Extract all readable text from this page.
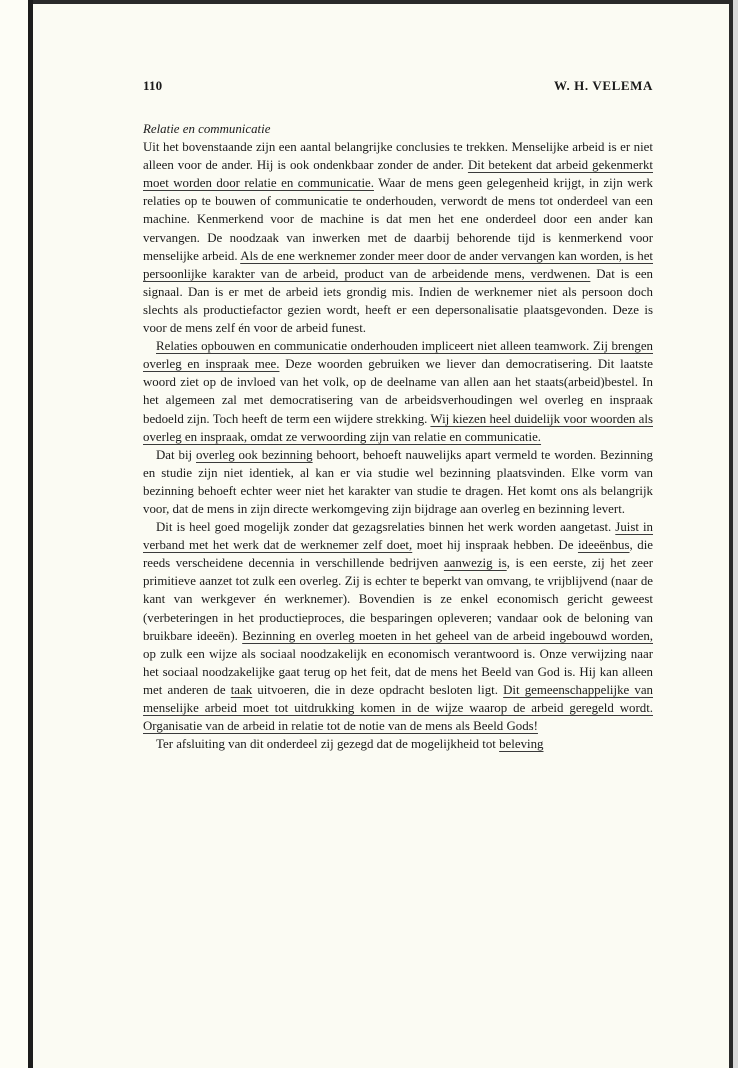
110	W. H. VELEMA
Relatie en communicatie

Uit het bovenstaande zijn een aantal belangrijke conclusies te trekken. Menselijke arbeid is er niet alleen voor de ander. Hij is ook ondenkbaar zonder de ander. Dit betekent dat arbeid gekenmerkt moet worden door relatie en communicatie. Waar de mens geen gelegenheid krijgt, in zijn werk relaties op te bouwen of communicatie te onderhouden, verwordt de mens tot onderdeel van een machine. Kenmerkend voor de machine is dat men het ene onderdeel door een ander kan vervangen. De noodzaak van inwerken met de daarbij behorende tijd is kenmerkend voor menselijke arbeid. Als de ene werknemer zonder meer door de ander vervangen kan worden, is het persoonlijke karakter van de arbeid, product van de arbeidende mens, verdwenen. Dat is een signaal. Dan is er met de arbeid iets grondig mis. Indien de werknemer niet als persoon doch slechts als productiefactor gezien wordt, heeft er een depersonalisatie plaatsgevonden. Deze is voor de mens zelf én voor de arbeid funest.

Relaties opbouwen en communicatie onderhouden impliceert niet alleen teamwork. Zij brengen overleg en inspraak mee. Deze woorden gebruiken we liever dan democratisering. Dit laatste woord ziet op de invloed van het volk, op de deelname van allen aan het staats(arbeid)bestel. In het algemeen zal met democratisering van de arbeidsverhoudingen wel overleg en inspraak bedoeld zijn. Toch heeft de term een wijdere strekking. Wij kiezen heel duidelijk voor woorden als overleg en inspraak, omdat ze verwoording zijn van relatie en communicatie.

Dat bij overleg ook bezinning behoort, behoeft nauwelijks apart vermeld te worden. Bezinning en studie zijn niet identiek, al kan er via studie wel bezinning plaatsvinden. Elke vorm van bezinning behoeft echter weer niet het karakter van studie te dragen. Het komt ons als belangrijk voor, dat de mens in zijn directe werkomgeving zijn bijdrage aan overleg en bezinning levert.

Dit is heel goed mogelijk zonder dat gezagsrelaties binnen het werk worden aangetast. Juist in verband met het werk dat de werknemer zelf doet, moet hij inspraak hebben. De ideeënbus, die reeds verscheidene decennia in verschillende bedrijven aanwezig is, is een eerste, zij het zeer primitieve aanzet tot zulk een overleg. Zij is echter te beperkt van omvang, te vrijblijvend (naar de kant van werkgever én werknemer). Bovendien is ze enkel economisch gericht geweest (verbeteringen in het productieproces, die besparingen opleveren; vandaar ook de beloning van bruikbare ideeën). Bezinning en overleg moeten in het geheel van de arbeid ingebouwd worden, op zulk een wijze als sociaal noodzakelijk en economisch verantwoord is. Onze verwijzing naar het sociaal noodzakelijke gaat terug op het feit, dat de mens het Beeld van God is. Hij kan alleen met anderen de taak uitvoeren, die in deze opdracht besloten ligt. Dit gemeenschappelijke van menselijke arbeid moet tot uitdrukking komen in de wijze waarop de arbeid geregeld wordt. Organisatie van de arbeid in relatie tot de notie van de mens als Beeld Gods!

Ter afsluiting van dit onderdeel zij gezegd dat de mogelijkheid tot beleving
